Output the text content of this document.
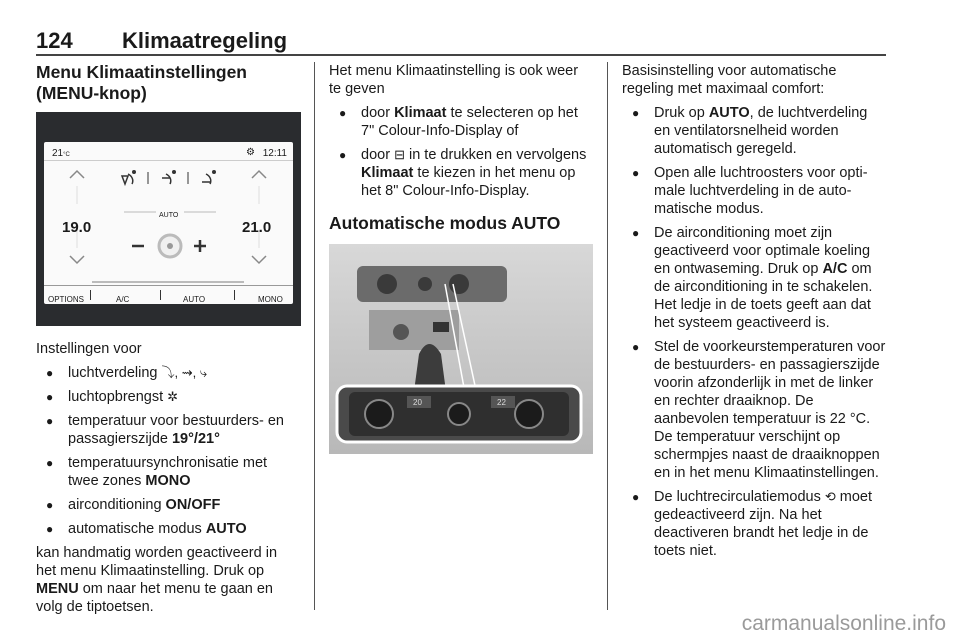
124 Klimaatregeling
Menu Klimaatinstellingen (MENU-knop)
21°C	⚙ 12:11
19.0	21.0
AUTO
OPTIONS	A/C	AUTO	MONO

Instellingen voor

● luchtverdeling ⤵, ⇝, ⤷
● luchtopbrengst ✲
● temperatuur voor bestuurders- en passagierszijde 19°/21°
● temperatuursynchronisatie met twee zones MONO
● airconditioning ON/OFF
● automatische modus AUTO

kan handmatig worden geactiveerd in het menu Klimaatinstelling. Druk op MENU om naar het menu te gaan en volg de tiptoetsen.

Het menu Klimaatinstelling is ook weer te geven

● door Klimaat te selecteren op het 7" Colour-Info-Display of
● door ⊟ in te drukken en vervolgens Klimaat te kiezen in het menu op het 8" Colour-Info-Display.
Automatische modus AUTO
20	22

Basisinstelling voor automatische regeling met maximaal comfort:

● Druk op AUTO, de luchtverdeling en ventilatorsnelheid worden automatisch geregeld.
● Open alle luchtroosters voor optimale luchtverdeling in de automatische modus.
● De airconditioning moet zijn geactiveerd voor optimale koeling en ontwaseming. Druk op A/C om de airconditioning in te schakelen. Het ledje in de toets geeft aan dat het systeem geactiveerd is.
● Stel de voorkeurstemperaturen voor de bestuurders- en passagierszijde voorin afzonderlijk in met de linker en rechter draaiknop. De aanbevolen temperatuur is 22 °C. De temperatuur verschijnt op schermpjes naast de draaiknoppen en in het menu Klimaatinstellingen.
● De luchtrecirculatiemodus ⟲ moet gedeactiveerd zijn. Na het deactiveren brandt het ledje in de toets niet.
carmanualsonline.info
